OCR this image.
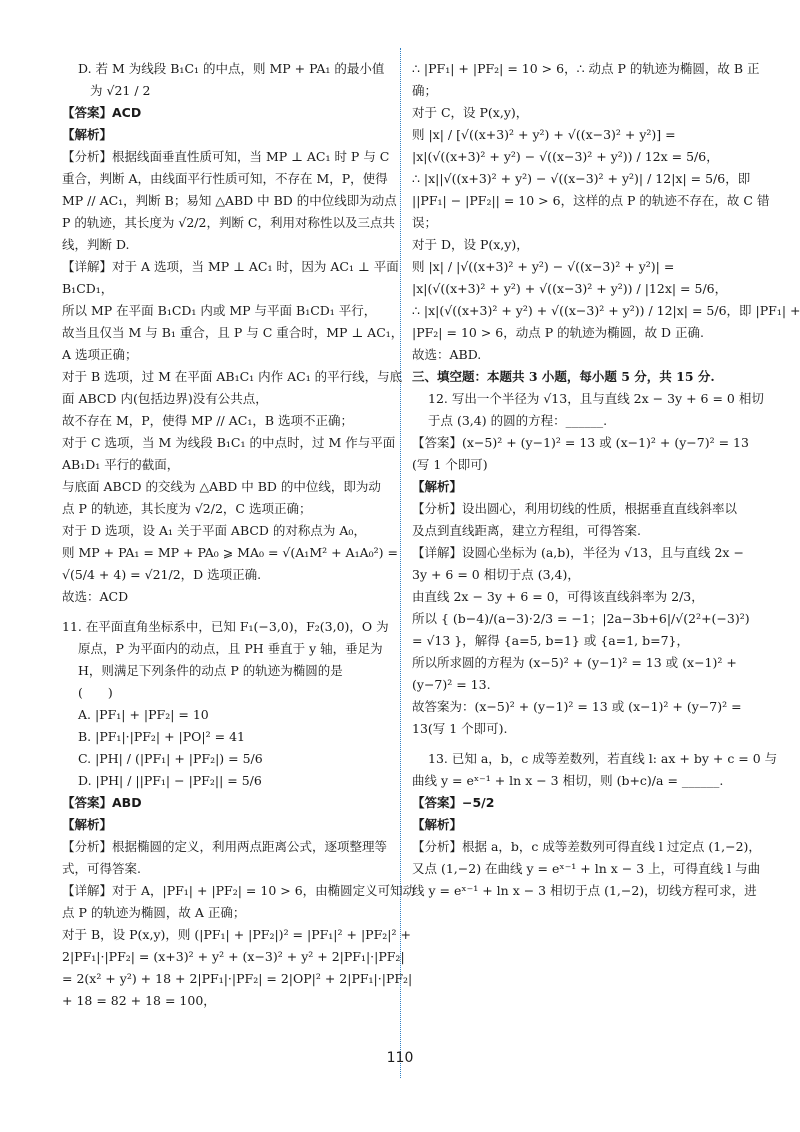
D. 若 M 为线段 B₁C₁ 的中点，则 MP + PA₁ 的最小值
为 √21 / 2
【答案】ACD
【解析】
【分析】根据线面垂直性质可知，当 MP ⊥ AC₁ 时 P 与 C
重合，判断 A，由线面平行性质可知，不存在 M，P，使得
MP // AC₁，判断 B；易知 △ABD 中 BD 的中位线即为动点
P 的轨迹，其长度为 √2/2，判断 C，利用对称性以及三点共
线，判断 D.
【详解】对于 A 选项，当 MP ⊥ AC₁ 时，因为 AC₁ ⊥ 平面
B₁CD₁，
所以 MP 在平面 B₁CD₁ 内或 MP 与平面 B₁CD₁ 平行，
故当且仅当 M 与 B₁ 重合，且 P 与 C 重合时，MP ⊥ AC₁，
A 选项正确；
对于 B 选项，过 M 在平面 AB₁C₁ 内作 AC₁ 的平行线，与底
面 ABCD 内(包括边界)没有公共点，
故不存在 M，P，使得 MP // AC₁，B 选项不正确；
对于 C 选项，当 M 为线段 B₁C₁ 的中点时，过 M 作与平面
AB₁D₁ 平行的截面，
与底面 ABCD 的交线为 △ABD 中 BD 的中位线，即为动
点 P 的轨迹，其长度为 √2/2，C 选项正确；
对于 D 选项，设 A₁ 关于平面 ABCD 的对称点为 A₀，
则 MP + PA₁ = MP + PA₀ ⩾ MA₀ = √(A₁M² + A₁A₀²) =
√(5/4 + 4) = √21/2，D 选项正确.
故选：ACD
11. 在平面直角坐标系中，已知 F₁(−3,0)，F₂(3,0)，O 为
原点，P 为平面内的动点，且 PH 垂直于 y 轴，垂足为
H，则满足下列条件的动点 P 的轨迹为椭圆的是
(　　)
A. |PF₁| + |PF₂| = 10
B. |PF₁|·|PF₂| + |PO|² = 41
C. |PH| / (|PF₁| + |PF₂|) = 5/6
D. |PH| / ||PF₁| − |PF₂|| = 5/6
【答案】ABD
【解析】
【分析】根据椭圆的定义，利用两点距离公式，逐项整理等
式，可得答案.
【详解】对于 A，|PF₁| + |PF₂| = 10 > 6，由椭圆定义可知动
点 P 的轨迹为椭圆，故 A 正确；
对于 B，设 P(x,y)，则 (|PF₁| + |PF₂|)² = |PF₁|² + |PF₂|² +
2|PF₁|·|PF₂| = (x+3)² + y² + (x−3)² + y² + 2|PF₁|·|PF₂|
= 2(x² + y²) + 18 + 2|PF₁|·|PF₂| = 2|OP|² + 2|PF₁|·|PF₂|
+ 18 = 82 + 18 = 100，
∴ |PF₁| + |PF₂| = 10 > 6，∴ 动点 P 的轨迹为椭圆，故 B 正
确；
对于 C，设 P(x,y)，
则 |x| / [√((x+3)² + y²) + √((x−3)² + y²)] =
|x|(√((x+3)² + y²) − √((x−3)² + y²)) / 12x = 5/6，
∴ |x||√((x+3)² + y²) − √((x−3)² + y²)| / 12|x| = 5/6，即
||PF₁| − |PF₂|| = 10 > 6，这样的点 P 的轨迹不存在，故 C 错
误；
对于 D，设 P(x,y)，
则 |x| / |√((x+3)² + y²) − √((x−3)² + y²)| =
|x|(√((x+3)² + y²) + √((x−3)² + y²)) / |12x| = 5/6，
∴ |x|(√((x+3)² + y²) + √((x−3)² + y²)) / 12|x| = 5/6，即 |PF₁| +
|PF₂| = 10 > 6，动点 P 的轨迹为椭圆，故 D 正确.
故选：ABD.
三、填空题：本题共 3 小题，每小题 5 分，共 15 分.
12. 写出一个半径为 √13，且与直线 2x − 3y + 6 = 0 相切
于点 (3,4) 的圆的方程：______.
【答案】(x−5)² + (y−1)² = 13 或 (x−1)² + (y−7)² = 13
(写 1 个即可)
【解析】
【分析】设出圆心，利用切线的性质，根据垂直直线斜率以
及点到直线距离，建立方程组，可得答案.
【详解】设圆心坐标为 (a,b)，半径为 √13，且与直线 2x −
3y + 6 = 0 相切于点 (3,4)，
由直线 2x − 3y + 6 = 0，可得该直线斜率为 2/3，
所以 { (b−4)/(a−3)·2/3 = −1；|2a−3b+6|/√(2²+(−3)²) = √13 }，解得 {a=5, b=1} 或 {a=1, b=7}，
所以所求圆的方程为 (x−5)² + (y−1)² = 13 或 (x−1)² +
(y−7)² = 13.
故答案为：(x−5)² + (y−1)² = 13 或 (x−1)² + (y−7)² =
13(写 1 个即可).
13. 已知 a，b，c 成等差数列，若直线 l: ax + by + c = 0 与
曲线 y = eˣ⁻¹ + ln x − 3 相切，则 (b+c)/a = ______.
【答案】−5/2
【解析】
【分析】根据 a，b，c 成等差数列可得直线 l 过定点 (1,−2)，
又点 (1,−2) 在曲线 y = eˣ⁻¹ + ln x − 3 上，可得直线 l 与曲
线 y = eˣ⁻¹ + ln x − 3 相切于点 (1,−2)，切线方程可求，进
110
